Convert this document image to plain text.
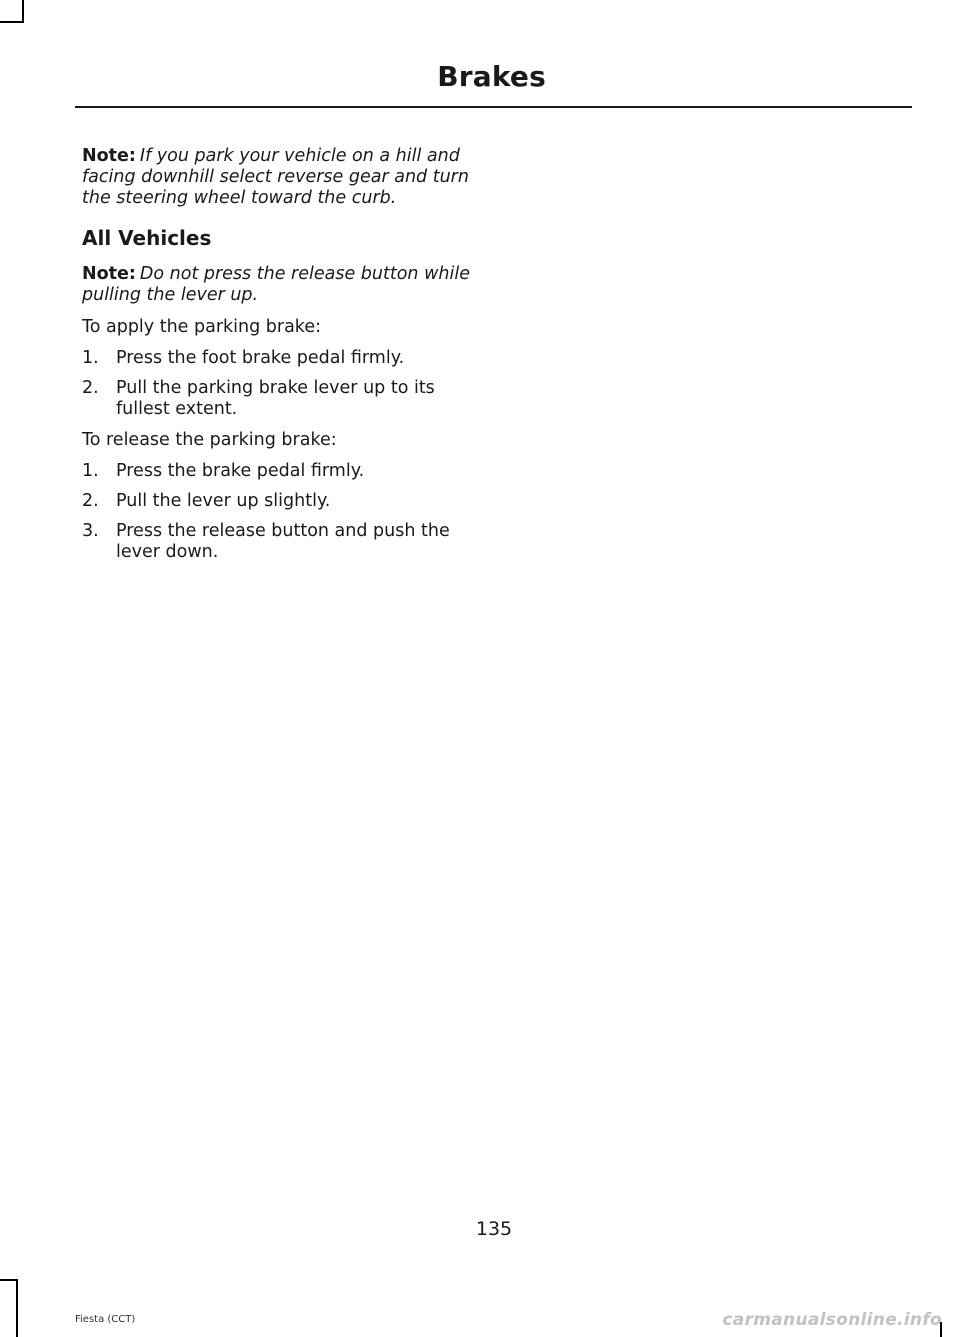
Brakes

Note: If you park your vehicle on a hill and facing downhill select reverse gear and turn the steering wheel toward the curb.

All Vehicles

Note: Do not press the release button while pulling the lever up.

To apply the parking brake:

1. Press the foot brake pedal firmly.
2. Pull the parking brake lever up to its fullest extent.

To release the parking brake:

1. Press the brake pedal firmly.
2. Pull the lever up slightly.
3. Press the release button and push the lever down.
135
Fiesta (CCT)	carmanualsonline.info
